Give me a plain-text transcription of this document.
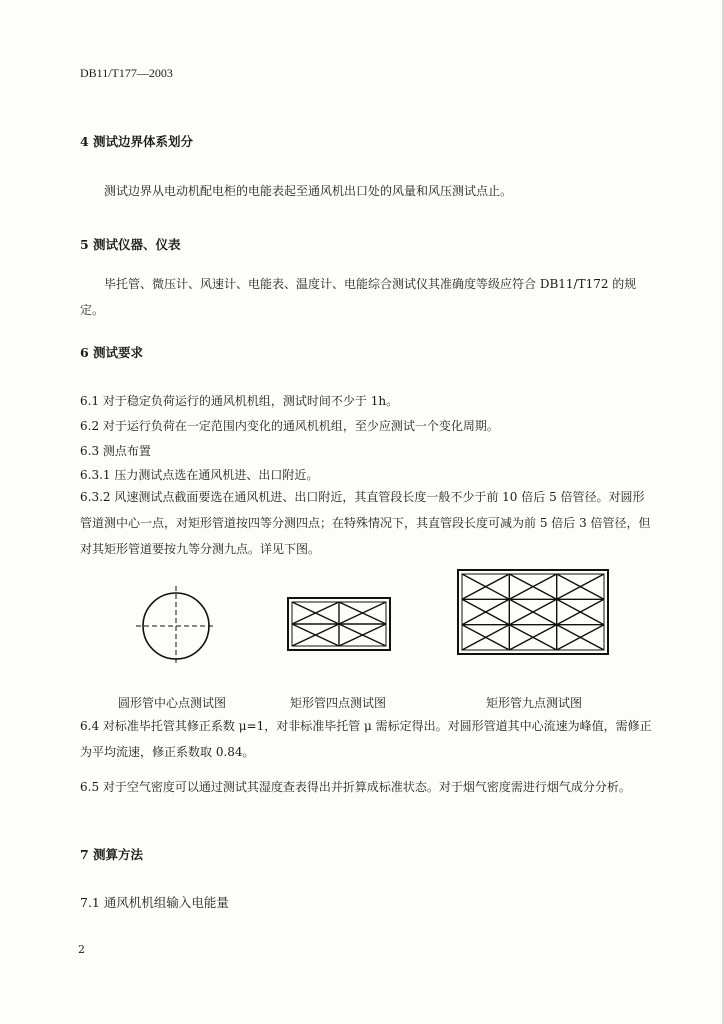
DB11/T177—2003

4 测试边界体系划分

测试边界从电动机配电柜的电能表起至通风机出口处的风量和风压测试点止。

5 测试仪器、仪表

毕托管、微压计、风速计、电能表、温度计、电能综合测试仪其准确度等级应符合 DB11/T172 的规定。

6 测试要求

6.1 对于稳定负荷运行的通风机机组，测试时间不少于 1h。

6.2 对于运行负荷在一定范围内变化的通风机机组，至少应测试一个变化周期。

6.3 测点布置

6.3.1 压力测试点选在通风机进、出口附近。

6.3.2 风速测试点截面要选在通风机进、出口附近，其直管段长度一般不少于前 10 倍后 5 倍管径。对圆形管道测中心一点，对矩形管道按四等分测四点；在特殊情况下，其直管段长度可减为前 5 倍后 3 倍管径，但对其矩形管道要按九等分测九点。详见下图。

圆形管中心点测试图	矩形管四点测试图	矩形管九点测试图

6.4 对标准毕托管其修正系数 μ=1，对非标准毕托管 μ 需标定得出。对圆形管道其中心流速为峰值，需修正为平均流速，修正系数取 0.84。

6.5 对于空气密度可以通过测试其湿度查表得出并折算成标准状态。对于烟气密度需进行烟气成分分析。

7 测算方法

7.1 通风机机组输入电能量

2
